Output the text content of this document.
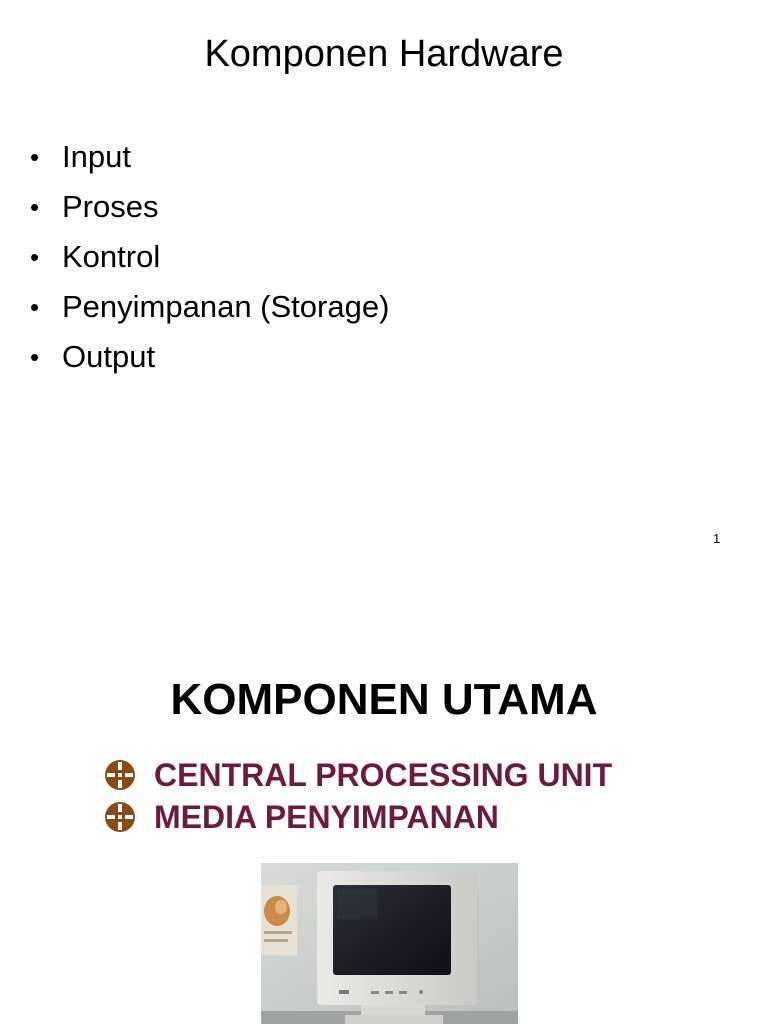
Komponen Hardware
• Input
• Proses
• Kontrol
• Penyimpanan (Storage)
• Output
1
KOMPONEN UTAMA
CENTRAL PROCESSING UNIT
MEDIA PENYIMPANAN
